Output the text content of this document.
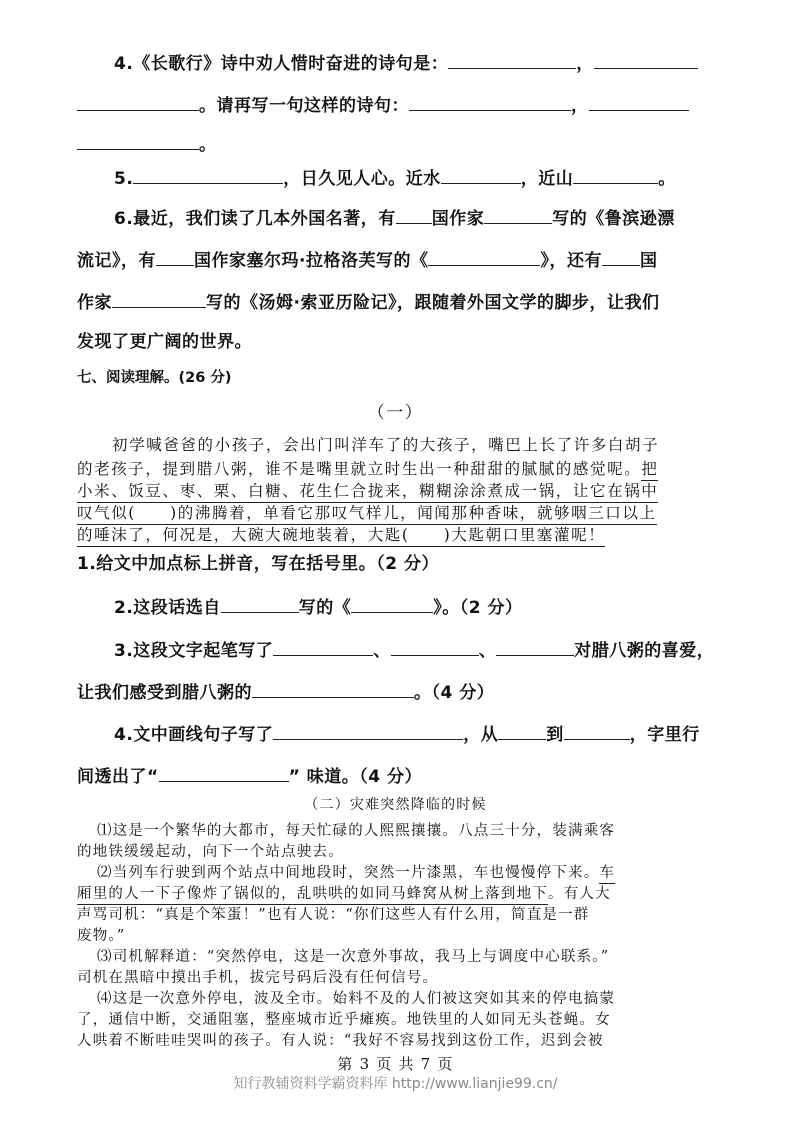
4.《长歌行》诗中劝人惜时奋进的诗句是：	，
。请再写一句这样的诗句：	，
。
5.	，日久见人心。近水	，近山	。
6.最近，我们读了几本外国名著，有 国作家	写的《鲁滨逊漂
流记》，有 国作家塞尔玛·拉格洛芙写的《	》，还有 国
作家	写的《汤姆·索亚历险记》，跟随着外国文学的脚步，让我们
发现了更广阔的世界。
七、阅读理解。(26 分)
（一）
初学喊爸爸的小孩子，会出门叫洋车了的大孩子，嘴巴上长了许多白胡子
的老孩子，提到腊八粥，谁不是嘴里就立时生出一种甜甜的腻腻的感觉呢。把
小米、饭豆、枣、栗、白糖、花生仁合拢来，糊糊涂涂煮成一锅，让它在锅中
叹气似(　　)的沸腾着，单看它那叹气样儿，闻闻那种香味，就够咽三口以上
的唾沫了，何况是，大碗大碗地装着，大匙(　　)大匙朝口里塞灌呢！
1.给文中加点标上拼音，写在括号里。（2 分）
2.这段话选自	写的《	》。（2 分）
3.这段文字起笔写了	、	、	对腊八粥的喜爱，
让我们感受到腊八粥的	。（4 分）
4.文中画线句子写了	，从	到	，字里行
间透出了“	” 味道。（4 分）
（二）灾难突然降临的时候
⑴这是一个繁华的大都市，每天忙碌的人熙熙攘攘。八点三十分，装满乘客
的地铁缓缓起动，向下一个站点驶去。
⑵当列车行驶到两个站点中间地段时，突然一片漆黑，车也慢慢停下来。车
厢里的人一下子像炸了锅似的，乱哄哄的如同马蜂窝从树上落到地下。有人大
声骂司机：“真是个笨蛋！”也有人说：“你们这些人有什么用，简直是一群
废物。”
⑶司机解释道：“突然停电，这是一次意外事故，我马上与调度中心联系。”
司机在黑暗中摸出手机，拔完号码后没有任何信号。
⑷这是一次意外停电，波及全市。始料不及的人们被这突如其来的停电搞蒙
了，通信中断，交通阻塞，整座城市近乎瘫痪。地铁里的人如同无头苍蝇。女
人哄着不断哇哇哭叫的孩子。有人说：“我好不容易找到这份工作，迟到会被
第 3 页 共 7 页
知行教辅资料学霸资料库 http://www.lianjie99.cn/
